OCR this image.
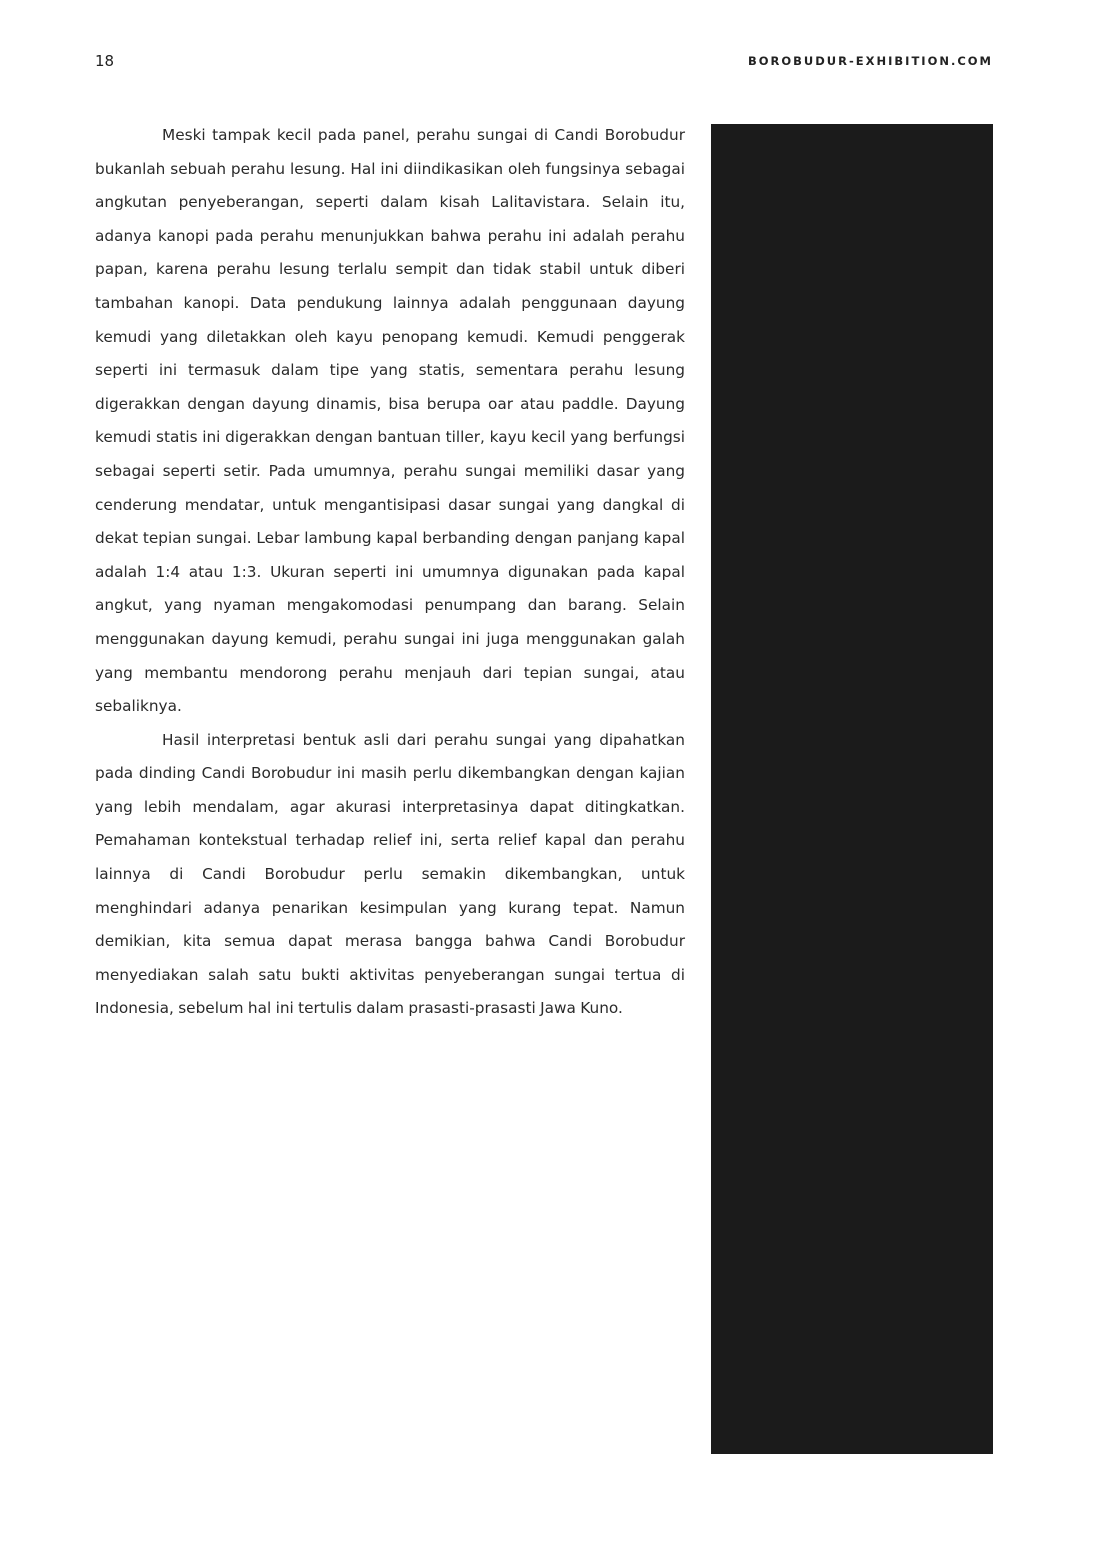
18	BOROBUDUR-EXHIBITION.COM

Meski tampak kecil pada panel, perahu sungai di Candi Borobudur bukanlah sebuah perahu lesung. Hal ini diindikasikan oleh fungsinya sebagai angkutan penyeberangan, seperti dalam kisah Lalitavistara. Selain itu, adanya kanopi pada perahu menunjukkan bahwa perahu ini adalah perahu papan, karena perahu lesung terlalu sempit dan tidak stabil untuk diberi tambahan kanopi. Data pendukung lainnya adalah penggunaan dayung kemudi yang diletakkan oleh kayu penopang kemudi. Kemudi penggerak seperti ini termasuk dalam tipe yang statis, sementara perahu lesung digerakkan dengan dayung dinamis, bisa berupa oar atau paddle. Dayung kemudi statis ini digerakkan dengan bantuan tiller, kayu kecil yang berfungsi sebagai seperti setir. Pada umumnya, perahu sungai memiliki dasar yang cenderung mendatar, untuk mengantisipasi dasar sungai yang dangkal di dekat tepian sungai. Lebar lambung kapal berbanding dengan panjang kapal adalah 1:4 atau 1:3. Ukuran seperti ini umumnya digunakan pada kapal angkut, yang nyaman mengakomodasi penumpang dan barang. Selain menggunakan dayung kemudi, perahu sungai ini juga menggunakan galah yang membantu mendorong perahu menjauh dari tepian sungai, atau sebaliknya.

Hasil interpretasi bentuk asli dari perahu sungai yang dipahatkan pada dinding Candi Borobudur ini masih perlu dikembangkan dengan kajian yang lebih mendalam, agar akurasi interpretasinya dapat ditingkatkan. Pemahaman kontekstual terhadap relief ini, serta relief kapal dan perahu lainnya di Candi Borobudur perlu semakin dikembangkan, untuk menghindari adanya penarikan kesimpulan yang kurang tepat. Namun demikian, kita semua dapat merasa bangga bahwa Candi Borobudur menyediakan salah satu bukti aktivitas penyeberangan sungai tertua di Indonesia, sebelum hal ini tertulis dalam prasasti-prasasti Jawa Kuno.
